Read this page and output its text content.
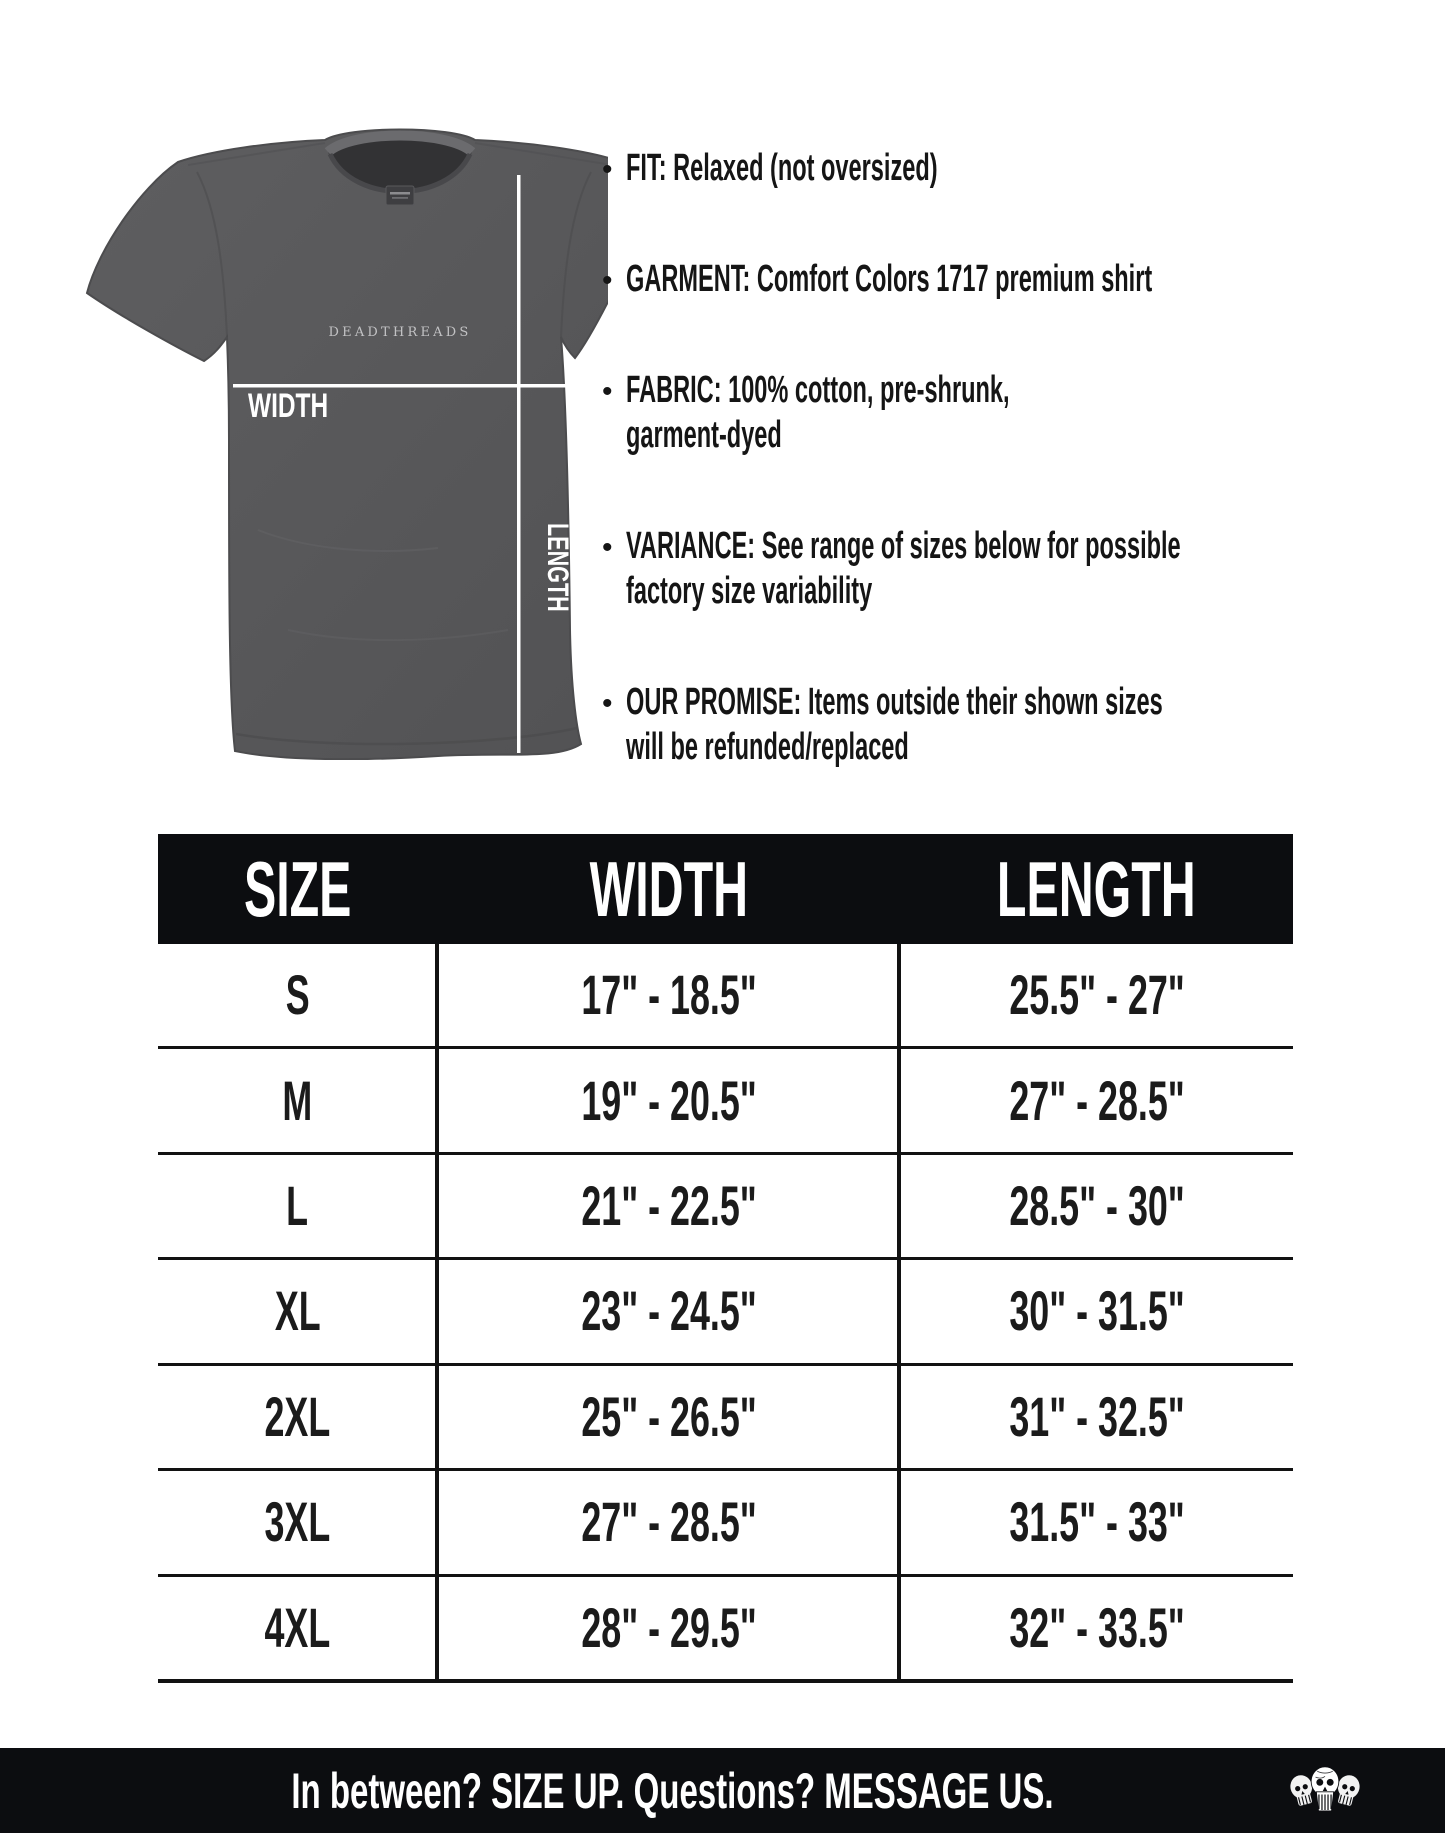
DEADTHREADS
WIDTH
LENGTH
• FIT: Relaxed (not oversized)
• GARMENT: Comfort Colors 1717 premium shirt
• FABRIC: 100% cotton, pre-shrunk,
garment-dyed
• VARIANCE: See range of sizes below for possible
factory size variability
• OUR PROMISE: Items outside their shown sizes
will be refunded/replaced
SIZE	WIDTH	LENGTH
S	17" - 18.5"	25.5" - 27"
M	19" - 20.5"	27" - 28.5"
L	21" - 22.5"	28.5" - 30"
XL	23" - 24.5"	30" - 31.5"
2XL	25" - 26.5"	31" - 32.5"
3XL	27" - 28.5"	31.5" - 33"
4XL	28" - 29.5"	32" - 33.5"
In between? SIZE UP. Questions? MESSAGE US.
